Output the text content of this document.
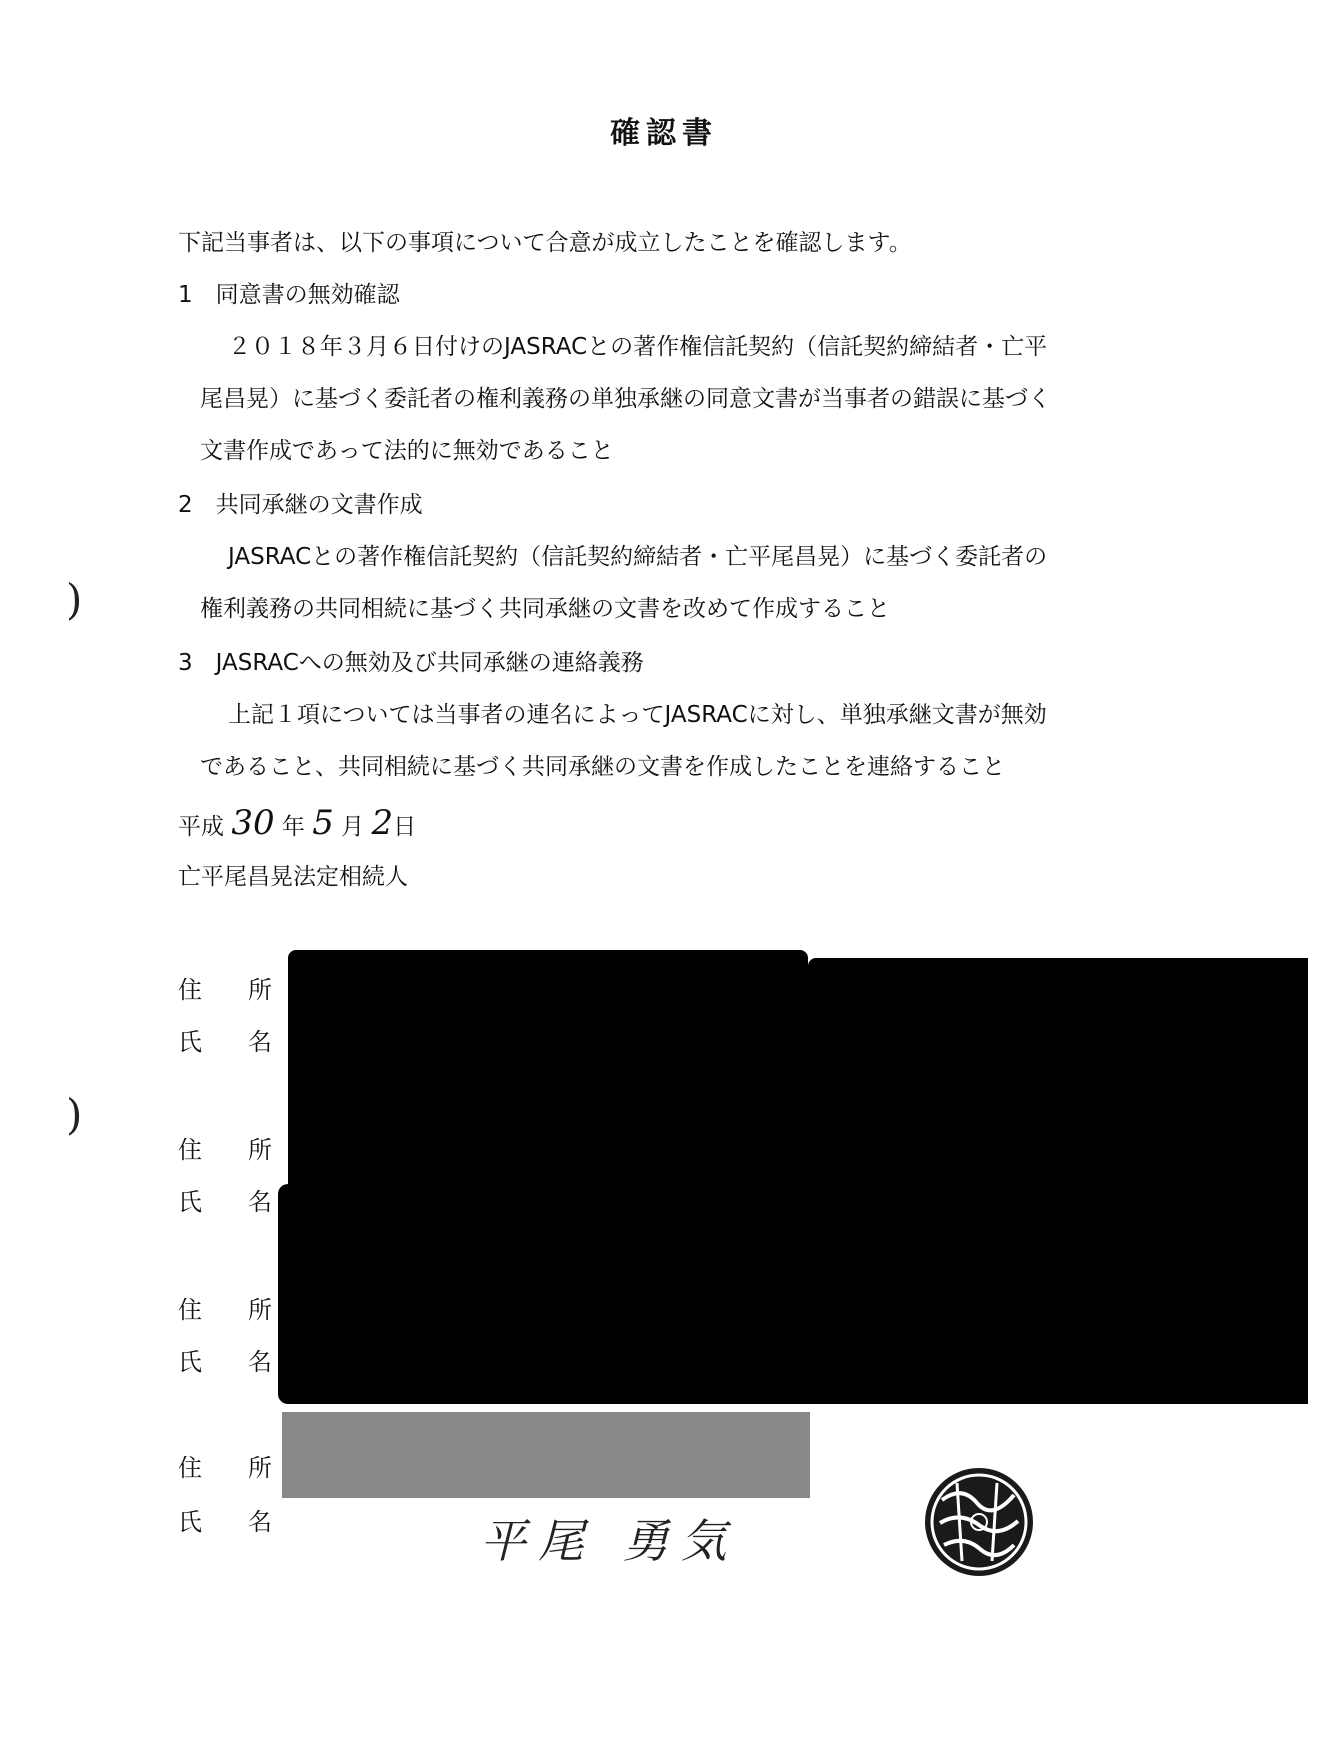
確認書
下記当事者は、以下の事項について合意が成立したことを確認します。
1　同意書の無効確認
２０１８年３月６日付けのJASRACとの著作権信託契約（信託契約締結者・亡平
尾昌晃）に基づく委託者の権利義務の単独承継の同意文書が当事者の錯誤に基づく
文書作成であって法的に無効であること
2　共同承継の文書作成
JASRACとの著作権信託契約（信託契約締結者・亡平尾昌晃）に基づく委託者の
権利義務の共同相続に基づく共同承継の文書を改めて作成すること
3　JASRACへの無効及び共同承継の連絡義務
上記１項については当事者の連名によってJASRACに対し、単独承継文書が無効
であること、共同相続に基づく共同承継の文書を作成したことを連絡すること
平成 30 年 5 月 2日
亡平尾昌晃法定相続人
)
)
住 所
氏 名
住 所
氏 名
住 所
氏 名
住 所
氏 名	平尾 勇気
